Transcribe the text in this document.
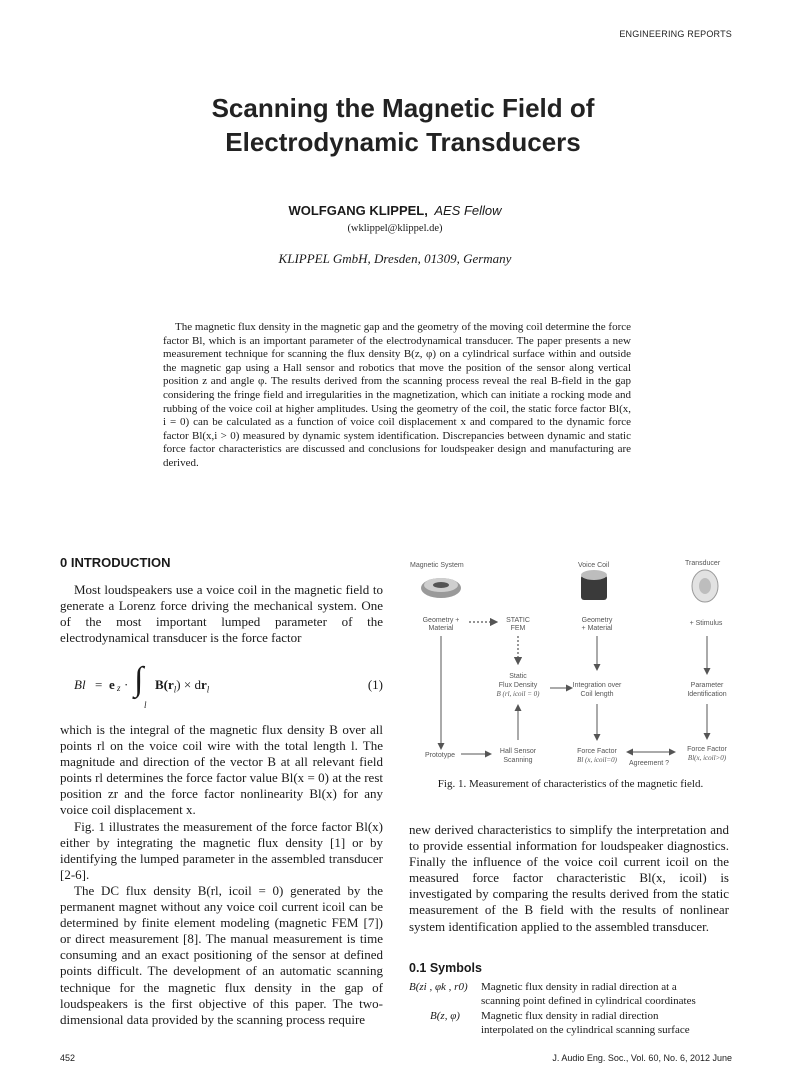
ENGINEERING REPORTS
Scanning the Magnetic Field of
Electrodynamic Transducers
WOLFGANG KLIPPEL, AES Fellow
(wklippel@klippel.de)
KLIPPEL GmbH, Dresden, 01309, Germany
The magnetic flux density in the magnetic gap and the geometry of the moving coil determine the force factor Bl, which is an important parameter of the electrodynamical transducer. The paper presents a new measurement technique for scanning the flux density B(z, φ) on a cylindrical surface within and outside the magnetic gap using a Hall sensor and robotics that move the position of the sensor along vertical position z and angle φ. The results derived from the scanning process reveal the real B-field in the gap considering the fringe field and irregularities in the magnetization, which can initiate a rocking mode and rubbing of the voice coil at higher amplitudes. Using the geometry of the coil, the static force factor Bl(x, i = 0) can be calculated as a function of voice coil displacement x and compared to the dynamic force factor Bl(x,i > 0) measured by dynamic system identification. Discrepancies between dynamic and static force factor characteristics are discussed and conclusions for loudspeaker design and manufacturing are derived.
0 INTRODUCTION

Most loudspeakers use a voice coil in the magnetic field to generate a Lorenz force driving the mechanical system. One of the most important lumped parameter of the electrodynamical transducer is the force factor

Bl = e z · ∫
l
$B(r_l) \times dr_l$	(1)

which is the integral of the magnetic flux density B over all points rl on the voice coil wire with the total length l. The magnitude and direction of the vector B at all relevant field points rl determines the force factor value Bl(x = 0) at the rest position zr and the force factor nonlinearity Bl(x) for any voice coil displacement x.

Fig. 1 illustrates the measurement of the force factor Bl(x) either by integrating the magnetic flux density [1] or by identifying the lumped parameter in the assembled transducer [2-6].

The DC flux density B(rl, icoil = 0) generated by the permanent magnet without any voice coil current icoil can be determined by finite element modeling (magnetic FEM [7]) or direct measurement [8]. The manual measurement is time consuming and an exact positioning of the sensor at defined points difficult. The development of an automatic scanning technique for the magnetic flux density in the gap of loudspeakers is the first objective of this paper. The two-dimensional data provided by the scanning process require

Magnetic System	Voice Coil	Transducer
Geometry +
Material
STATIC
FEM
Geometry
+ Material
+ Stimulus
Static
Flux Density
B (rl, icoil = 0)
Integration over
Coil length
Parameter
Identification
Prototype
Hall Sensor
Scanning
Force Factor
Bl (x, icoil=0) Agreement ?
Force Factor
Bl(x, icoil>0)
Fig. 1. Measurement of characteristics of the magnetic field.

new derived characteristics to simplify the interpretation and to provide essential information for loudspeaker diagnostics. Finally the influence of the voice coil current icoil on the measured force factor characteristic Bl(x, icoil) is investigated by comparing the results derived from the static measurement of the B field with the results of nonlinear system identification applied to the assembled transducer.

0.1 Symbols
B(zi , φk , r0)	Magnetic flux density in radial direction at a
scanning point defined in cylindrical coordinates
B(z, φ)	Magnetic flux density in radial direction
interpolated on the cylindrical scanning surface
452	J. Audio Eng. Soc., Vol. 60, No. 6, 2012 June
